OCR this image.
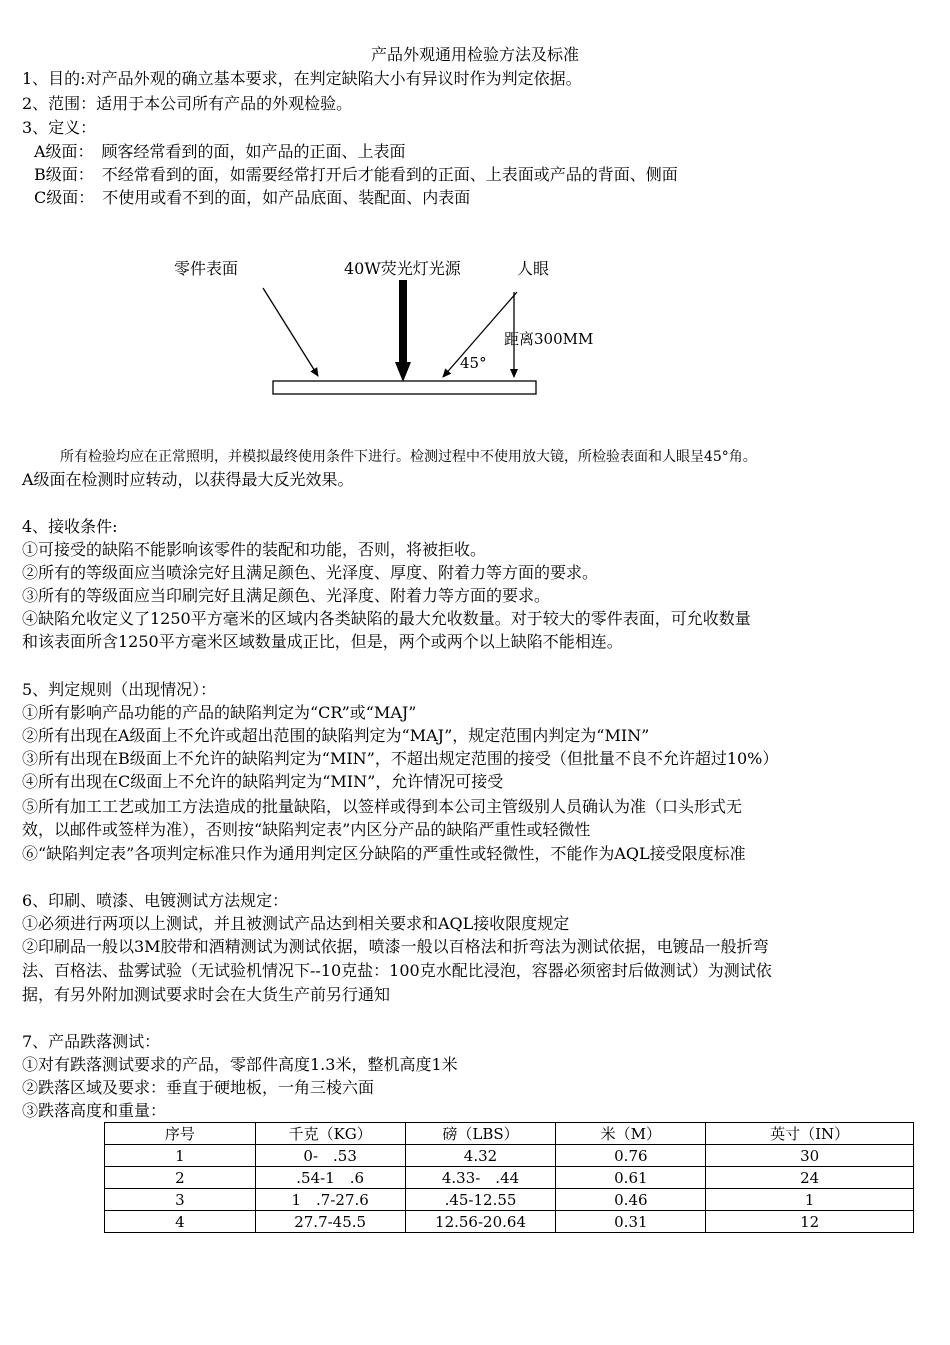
产品外观通用检验方法及标准
1、目的:对产品外观的确立基本要求，在判定缺陷大小有异议时作为判定依据。
2、范围：适用于本公司所有产品的外观检验。
3、定义：
A级面：　顾客经常看到的面，如产品的正面、上表面
B级面：　不经常看到的面，如需要经常打开后才能看到的正面、上表面或产品的背面、侧面
C级面：　不使用或看不到的面，如产品底面、装配面、内表面
零件表面	40W荧光灯光源	人眼
距离300MM
45°
所有检验均应在正常照明，并模拟最终使用条件下进行。检测过程中不使用放大镜，所检验表面和人眼呈45°角。
A级面在检测时应转动，以获得最大反光效果。
4、接收条件:
①可接受的缺陷不能影响该零件的装配和功能，否则，将被拒收。
②所有的等级面应当喷涂完好且满足颜色、光泽度、厚度、附着力等方面的要求。
③所有的等级面应当印刷完好且满足颜色、光泽度、附着力等方面的要求。
④缺陷允收定义了1250平方毫米的区域内各类缺陷的最大允收数量。对于较大的零件表面，可允收数量
和该表面所含1250平方毫米区域数量成正比，但是，两个或两个以上缺陷不能相连。
5、判定规则（出现情况）：
①所有影响产品功能的产品的缺陷判定为“CR”或“MAJ”
②所有出现在A级面上不允许或超出范围的缺陷判定为“MAJ”，规定范围内判定为“MIN”
③所有出现在B级面上不允许的缺陷判定为“MIN”，不超出规定范围的接受（但批量不良不允许超过10%）
④所有出现在C级面上不允许的缺陷判定为“MIN”，允许情况可接受
⑤所有加工工艺或加工方法造成的批量缺陷，以签样或得到本公司主管级别人员确认为准（口头形式无
效，以邮件或签样为准），否则按“缺陷判定表”内区分产品的缺陷严重性或轻微性
⑥“缺陷判定表”各项判定标准只作为通用判定区分缺陷的严重性或轻微性，不能作为AQL接受限度标准
6、印刷、喷漆、电镀测试方法规定：
①必须进行两项以上测试，并且被测试产品达到相关要求和AQL接收限度规定
②印刷品一般以3M胶带和酒精测试为测试依据，喷漆一般以百格法和折弯法为测试依据，电镀品一般折弯
法、百格法、盐雾试验（无试验机情况下--10克盐：100克水配比浸泡，容器必须密封后做测试）为测试依
据，有另外附加测试要求时会在大货生产前另行通知
7、产品跌落测试：
①对有跌落测试要求的产品，零部件高度1.3米，整机高度1米
②跌落区域及要求：垂直于硬地板，一角三棱六面
③跌落高度和重量：
序号	千克（KG）	磅（LBS）	米（M）	英寸（IN）
1	0-　.53	4.32	0.76	30
2	.54-1　.6	4.33-　.44	0.61	24
3	1　.7-27.6	.45-12.55	0.46	1
4	27.7-45.5	12.56-20.64	0.31	12
